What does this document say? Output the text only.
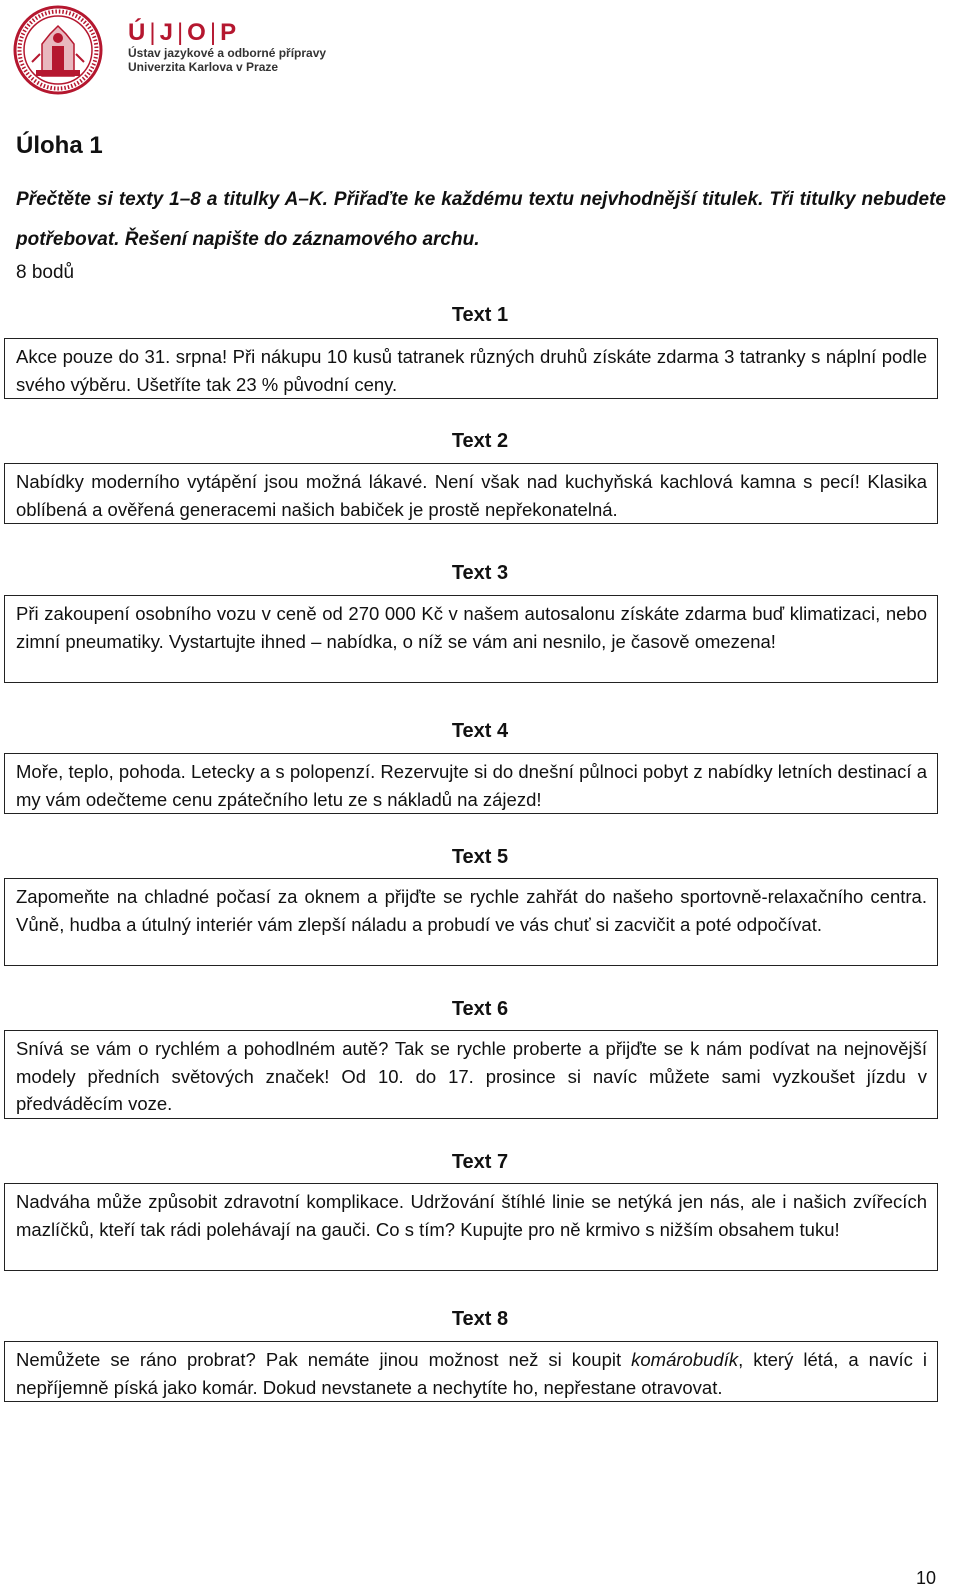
Ú | J | O | P
Ústav jazykové a odborné přípravy
Univerzita Karlova v Praze
Úloha 1
Přečtěte si texty 1–8 a titulky A–K. Přiřaďte ke každému textu nejvhodnější titulek. Tři titulky nebudete potřebovat. Řešení napište do záznamového archu.
8 bodů
Text 1
Akce pouze do 31. srpna! Při nákupu 10 kusů tatranek různých druhů získáte zdarma 3 tatranky s náplní podle svého výběru. Ušetříte tak 23 % původní ceny.
Text 2
Nabídky moderního vytápění jsou možná lákavé. Není však nad kuchyňská kachlová kamna s pecí! Klasika oblíbená a ověřená generacemi našich babiček je prostě nepřekonatelná.
Text 3
Při zakoupení osobního vozu v ceně od 270 000 Kč v našem autosalonu získáte zdarma buď klimatizaci, nebo zimní pneumatiky. Vystartujte ihned – nabídka, o níž se vám ani nesnilo, je časově omezena!
Text 4
Moře, teplo, pohoda. Letecky a s polopenzí. Rezervujte si do dnešní půlnoci pobyt z nabídky letních destinací a my vám odečteme cenu zpátečního letu ze s nákladů na zájezd!
Text 5
Zapomeňte na chladné počasí za oknem a přijďte se rychle zahřát do našeho sportovně-relaxačního centra. Vůně, hudba a útulný interiér vám zlepší náladu a probudí ve vás chuť si zacvičit a poté odpočívat.
Text 6
Snívá se vám o rychlém a pohodlném autě? Tak se rychle proberte a přijďte se k nám podívat na nejnovější modely předních světových značek! Od 10. do 17. prosince si navíc můžete sami vyzkoušet jízdu v předváděcím voze.
Text 7
Nadváha může způsobit zdravotní komplikace. Udržování štíhlé linie se netýká jen nás, ale i našich zvířecích mazlíčků, kteří tak rádi polehávají na gauči. Co s tím? Kupujte pro ně krmivo s nižším obsahem tuku!
Text 8
Nemůžete se ráno probrat? Pak nemáte jinou možnost než si koupit komárobudík, který létá, a navíc i nepříjemně píská jako komár. Dokud nevstanete a nechytíte ho, nepřestane otravovat.
10
